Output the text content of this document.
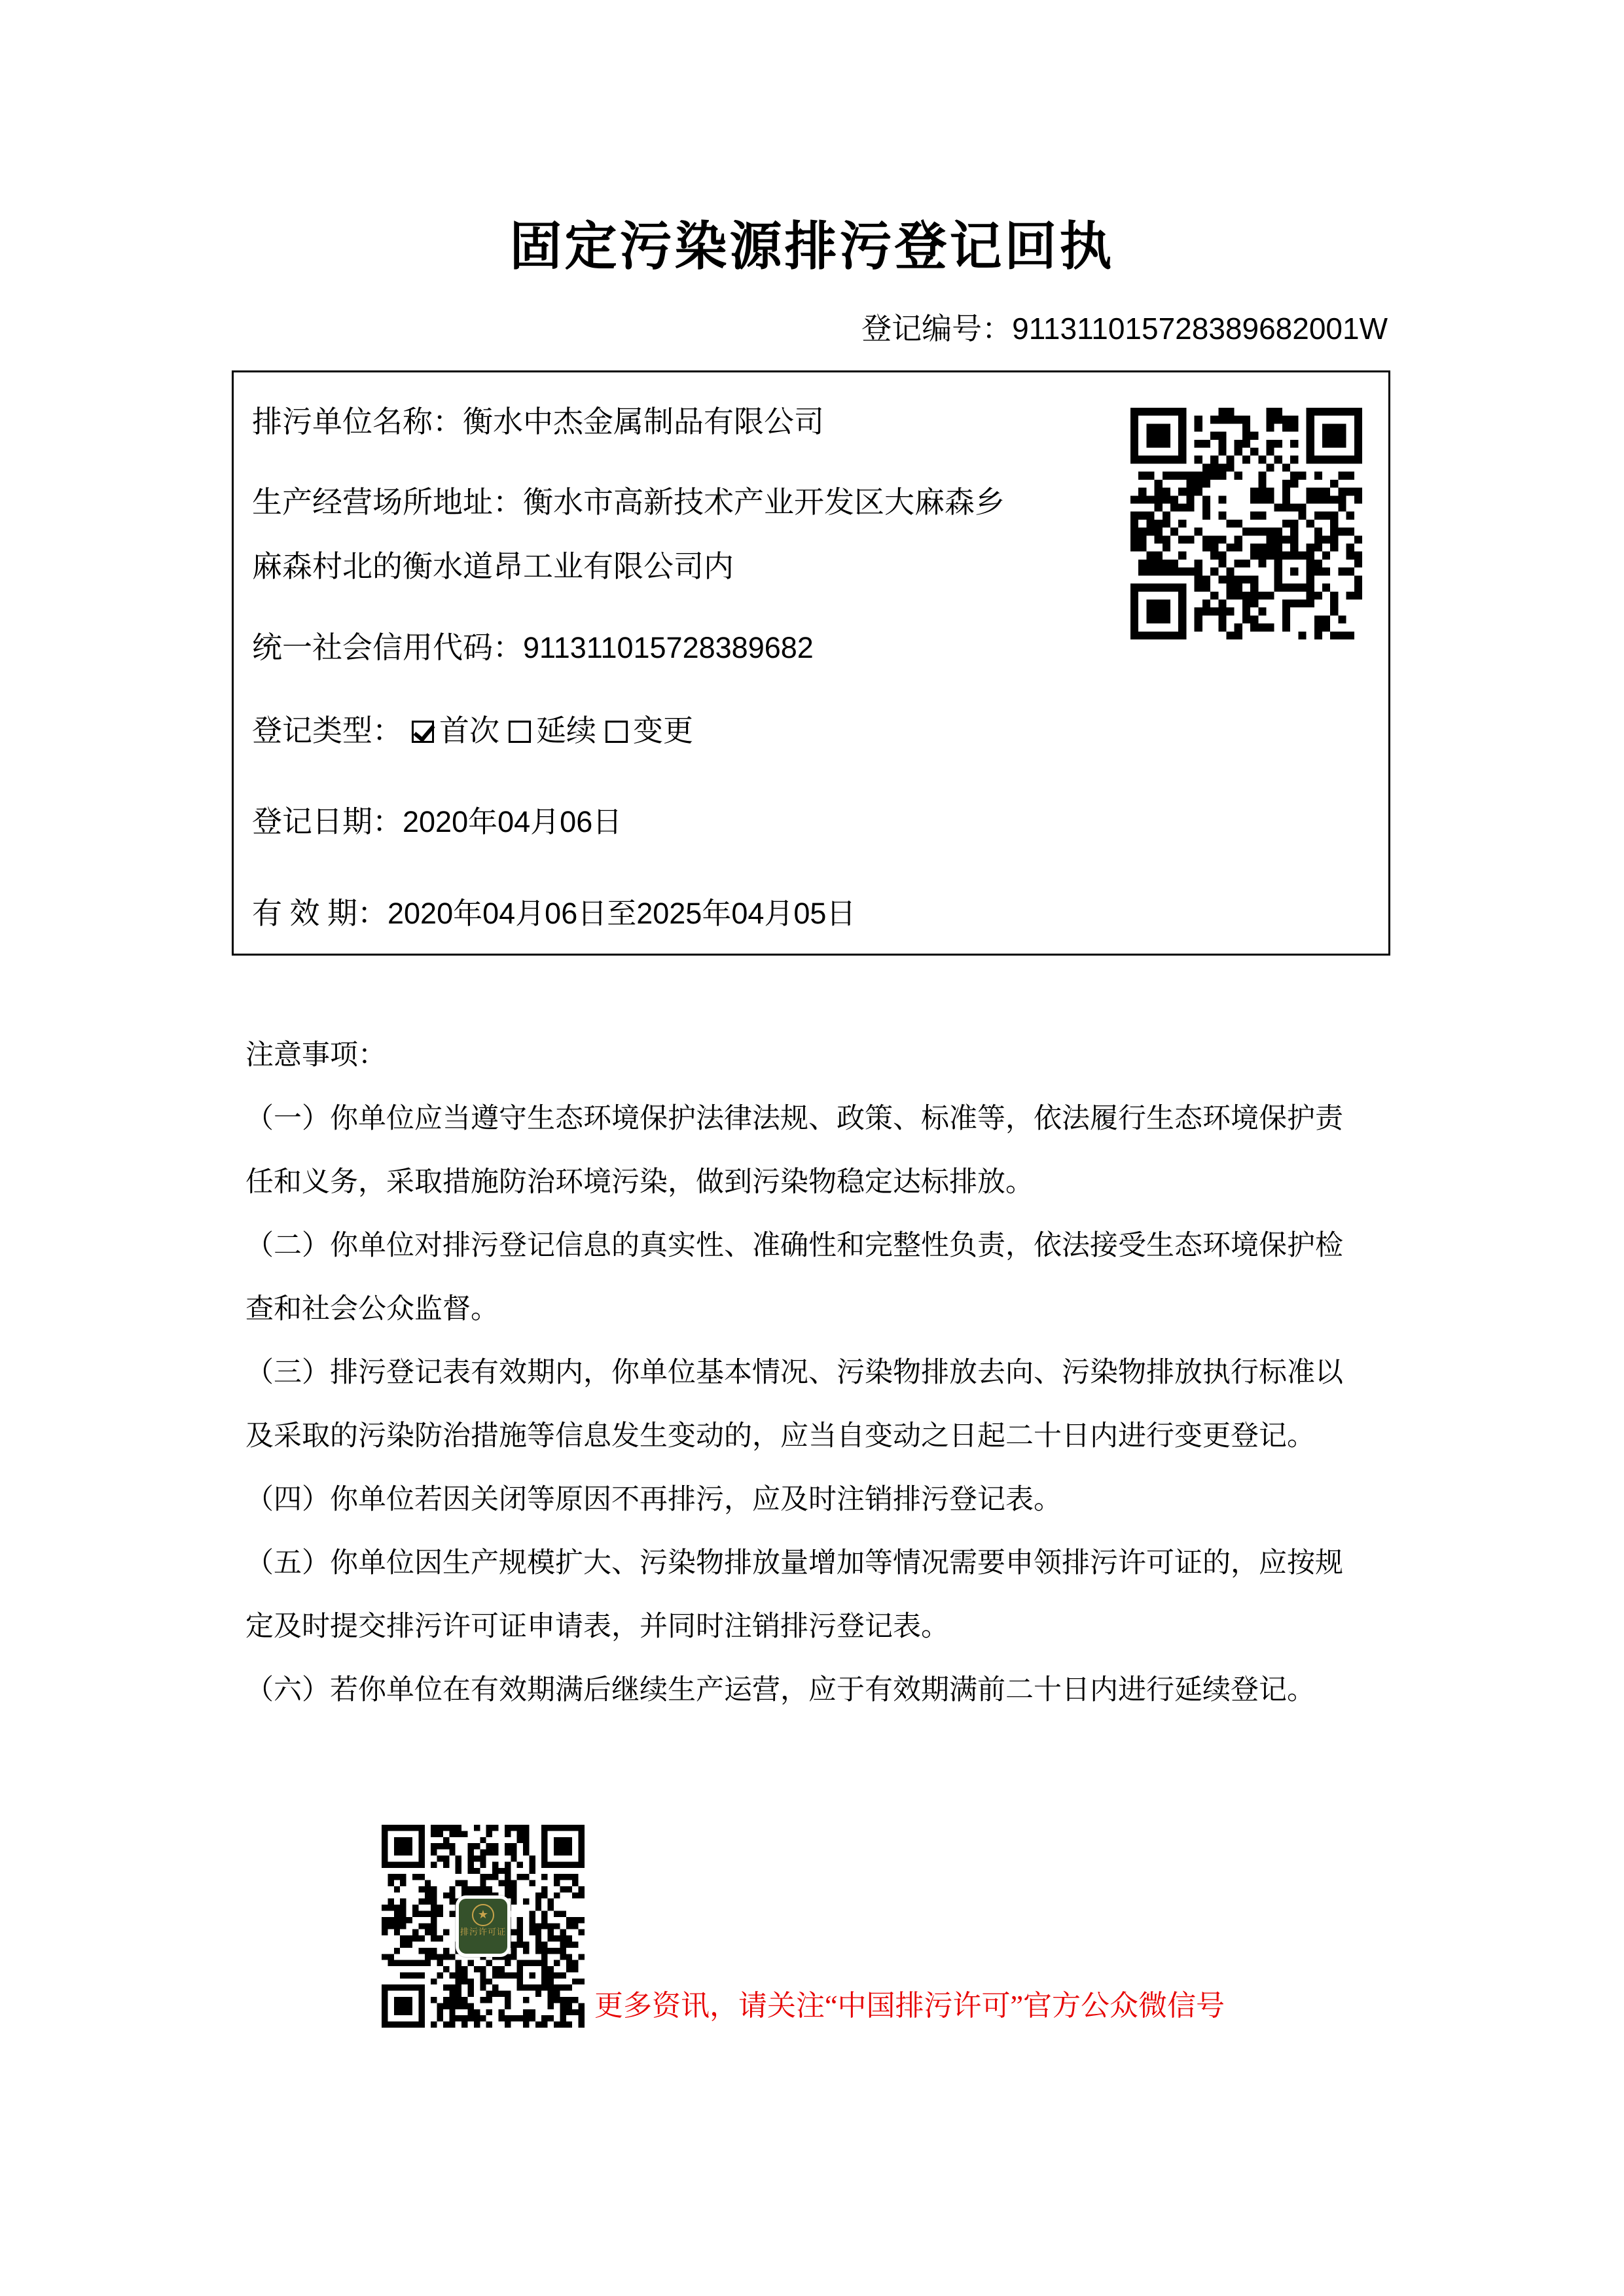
固定污染源排污登记回执
登记编号：911311015728389682001W
排污单位名称：衡水中杰金属制品有限公司
生产经营场所地址：衡水市高新技术产业开发区大麻森乡
麻森村北的衡水道昂工业有限公司内
统一社会信用代码：911311015728389682
登记类型： 首次 延续 变更
登记日期：2020年04月06日
有 效 期：2020年04月06日至2025年04月05日
注意事项：
（一）你单位应当遵守生态环境保护法律法规、政策、标准等，依法履行生态环境保护责
任和义务，采取措施防治环境污染，做到污染物稳定达标排放。
（二）你单位对排污登记信息的真实性、准确性和完整性负责，依法接受生态环境保护检
查和社会公众监督。
（三）排污登记表有效期内，你单位基本情况、污染物排放去向、污染物排放执行标准以
及采取的污染防治措施等信息发生变动的，应当自变动之日起二十日内进行变更登记。
（四）你单位若因关闭等原因不再排污，应及时注销排污登记表。
（五）你单位因生产规模扩大、污染物排放量增加等情况需要申领排污许可证的，应按规
定及时提交排污许可证申请表，并同时注销排污登记表。
（六）若你单位在有效期满后继续生产运营，应于有效期满前二十日内进行延续登记。
★
排污许可证
更多资讯，请关注“中国排污许可”官方公众微信号
